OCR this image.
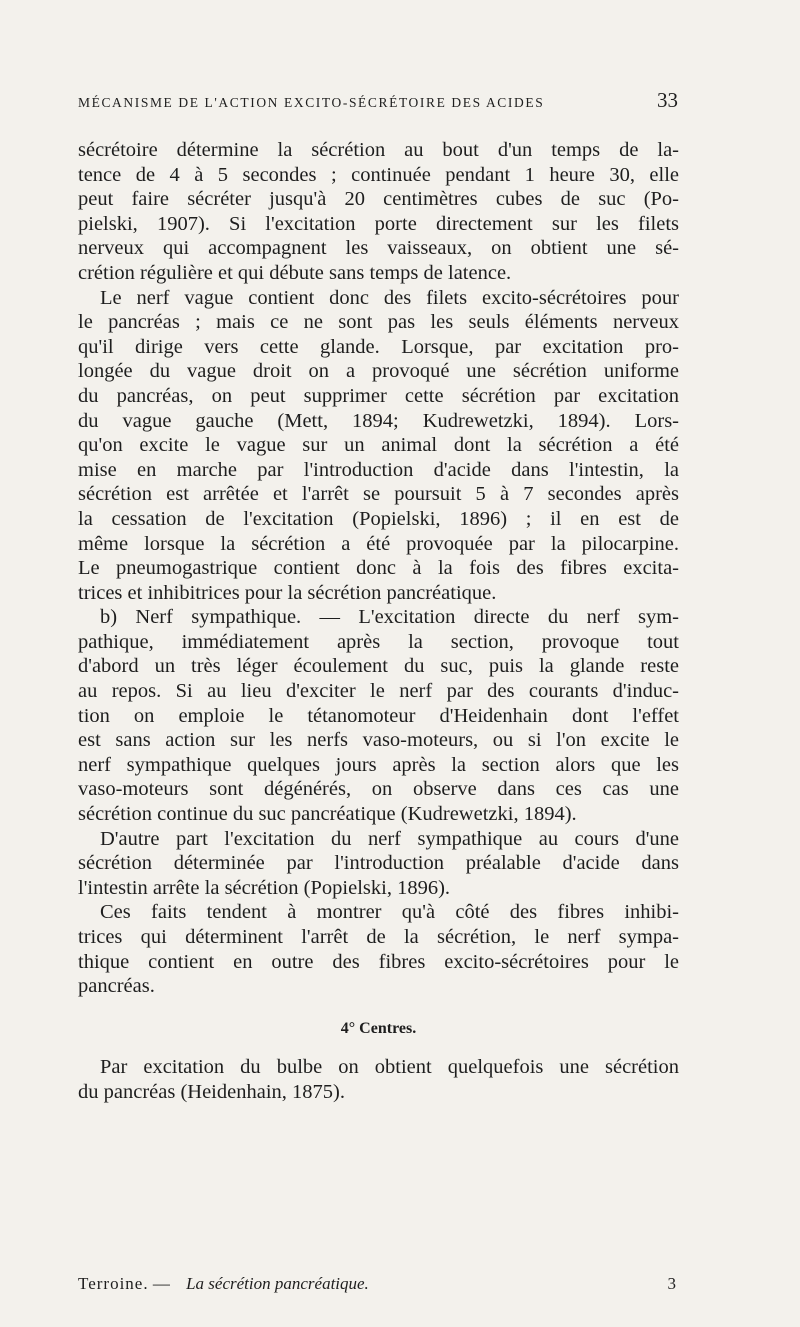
MÉCANISME DE L'ACTION EXCITO-SÉCRÉTOIRE DES ACIDES	33
sécrétoire détermine la sécrétion au bout d'un temps de la-
tence de 4 à 5 secondes ; continuée pendant 1 heure 30, elle
peut faire sécréter jusqu'à 20 centimètres cubes de suc (Po-
pielski, 1907). Si l'excitation porte directement sur les filets
nerveux qui accompagnent les vaisseaux, on obtient une sé-
crétion régulière et qui débute sans temps de latence.
Le nerf vague contient donc des filets excito-sécrétoires pour
le pancréas ; mais ce ne sont pas les seuls éléments nerveux
qu'il dirige vers cette glande. Lorsque, par excitation pro-
longée du vague droit on a provoqué une sécrétion uniforme
du pancréas, on peut supprimer cette sécrétion par excitation
du vague gauche (Mett, 1894; Kudrewetzki, 1894). Lors-
qu'on excite le vague sur un animal dont la sécrétion a été
mise en marche par l'introduction d'acide dans l'intestin, la
sécrétion est arrêtée et l'arrêt se poursuit 5 à 7 secondes après
la cessation de l'excitation (Popielski, 1896) ; il en est de
même lorsque la sécrétion a été provoquée par la pilocarpine.
Le pneumogastrique contient donc à la fois des fibres excita-
trices et inhibitrices pour la sécrétion pancréatique.
b) Nerf sympathique. — L'excitation directe du nerf sym-
pathique, immédiatement après la section, provoque tout
d'abord un très léger écoulement du suc, puis la glande reste
au repos. Si au lieu d'exciter le nerf par des courants d'induc-
tion on emploie le tétanomoteur d'Heidenhain dont l'effet
est sans action sur les nerfs vaso-moteurs, ou si l'on excite le
nerf sympathique quelques jours après la section alors que les
vaso-moteurs sont dégénérés, on observe dans ces cas une
sécrétion continue du suc pancréatique (Kudrewetzki, 1894).
D'autre part l'excitation du nerf sympathique au cours d'une
sécrétion déterminée par l'introduction préalable d'acide dans
l'intestin arrête la sécrétion (Popielski, 1896).
Ces faits tendent à montrer qu'à côté des fibres inhibi-
trices qui déterminent l'arrêt de la sécrétion, le nerf sympa-
thique contient en outre des fibres excito-sécrétoires pour le
pancréas.
4° Centres.
Par excitation du bulbe on obtient quelquefois une sécrétion
du pancréas (Heidenhain, 1875).
Terroine. — La sécrétion pancréatique.	3
